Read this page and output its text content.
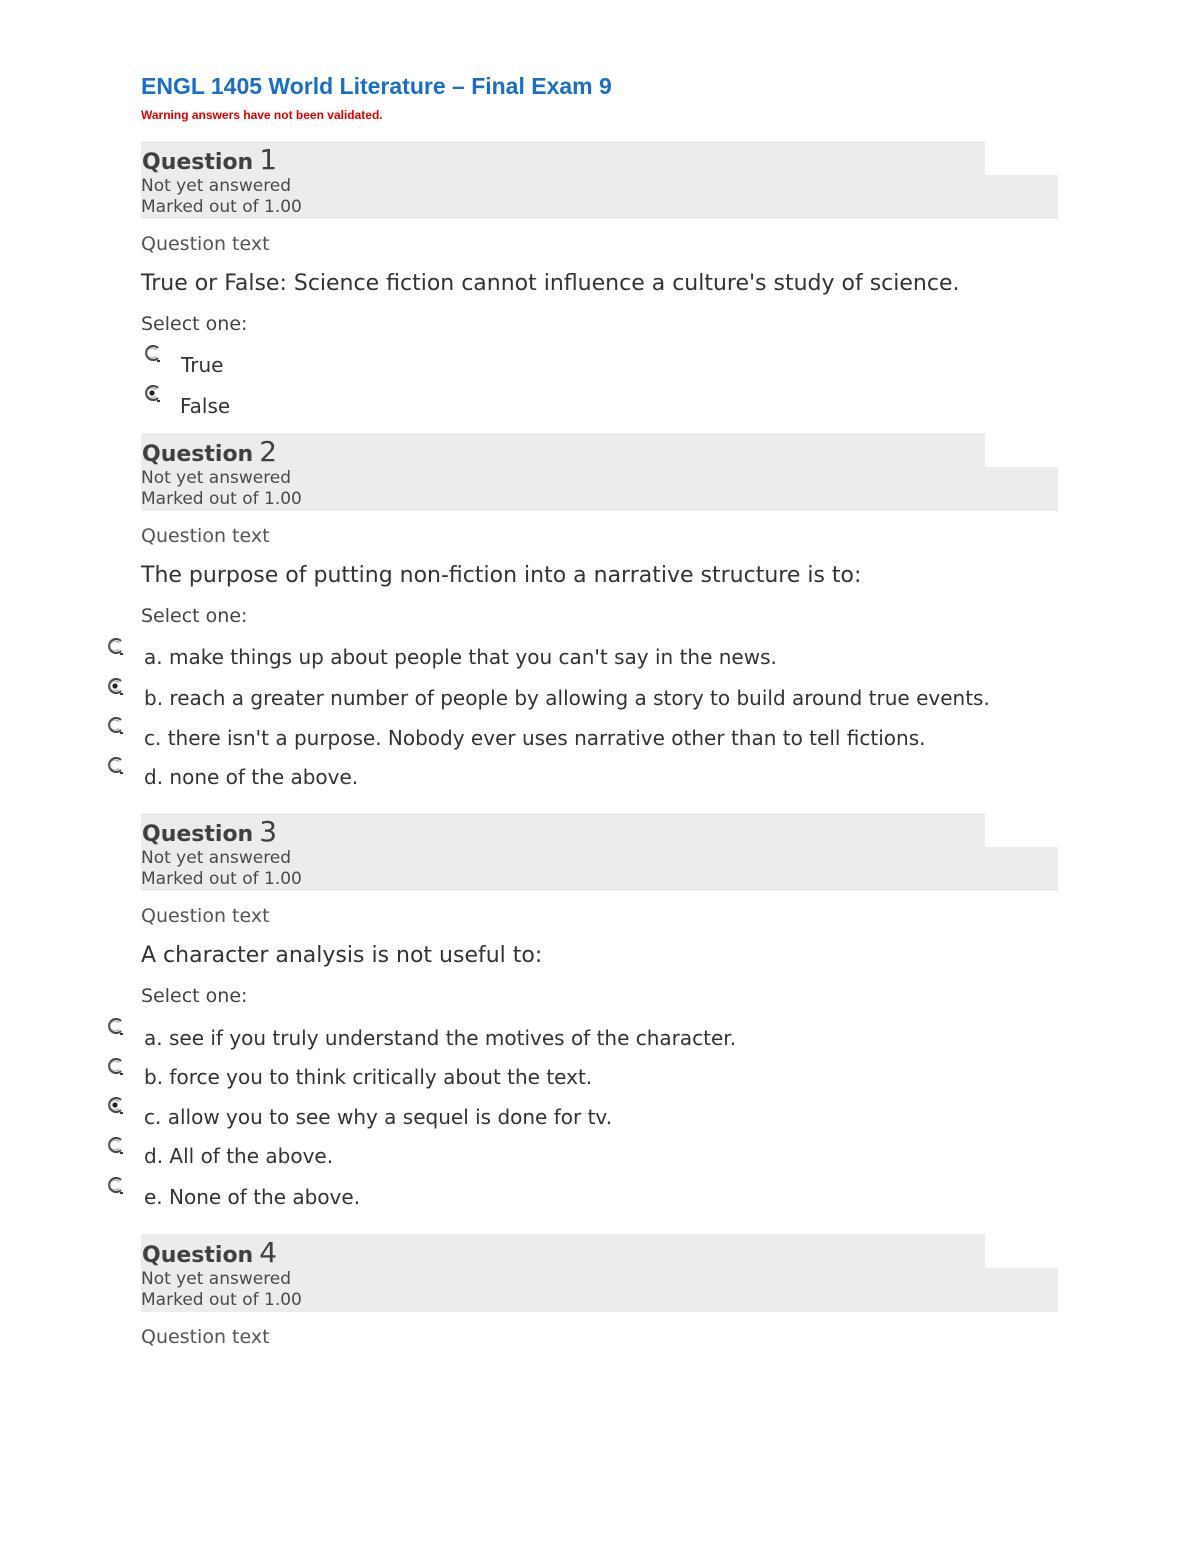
ENGL 1405 World Literature – Final Exam 9
Warning answers have not been validated.
Question 1
Not yet answered
Marked out of 1.00
Question text
True or False: Science fiction cannot influence a culture's study of science.
Select one:
True
False
Question 2
Not yet answered
Marked out of 1.00
Question text
The purpose of putting non-fiction into a narrative structure is to:
Select one:
a. make things up about people that you can't say in the news.
b. reach a greater number of people by allowing a story to build around true events.
c. there isn't a purpose. Nobody ever uses narrative other than to tell fictions.
d. none of the above.
Question 3
Not yet answered
Marked out of 1.00
Question text
A character analysis is not useful to:
Select one:
a. see if you truly understand the motives of the character.
b. force you to think critically about the text.
c. allow you to see why a sequel is done for tv.
d. All of the above.
e. None of the above.
Question 4
Not yet answered
Marked out of 1.00
Question text
